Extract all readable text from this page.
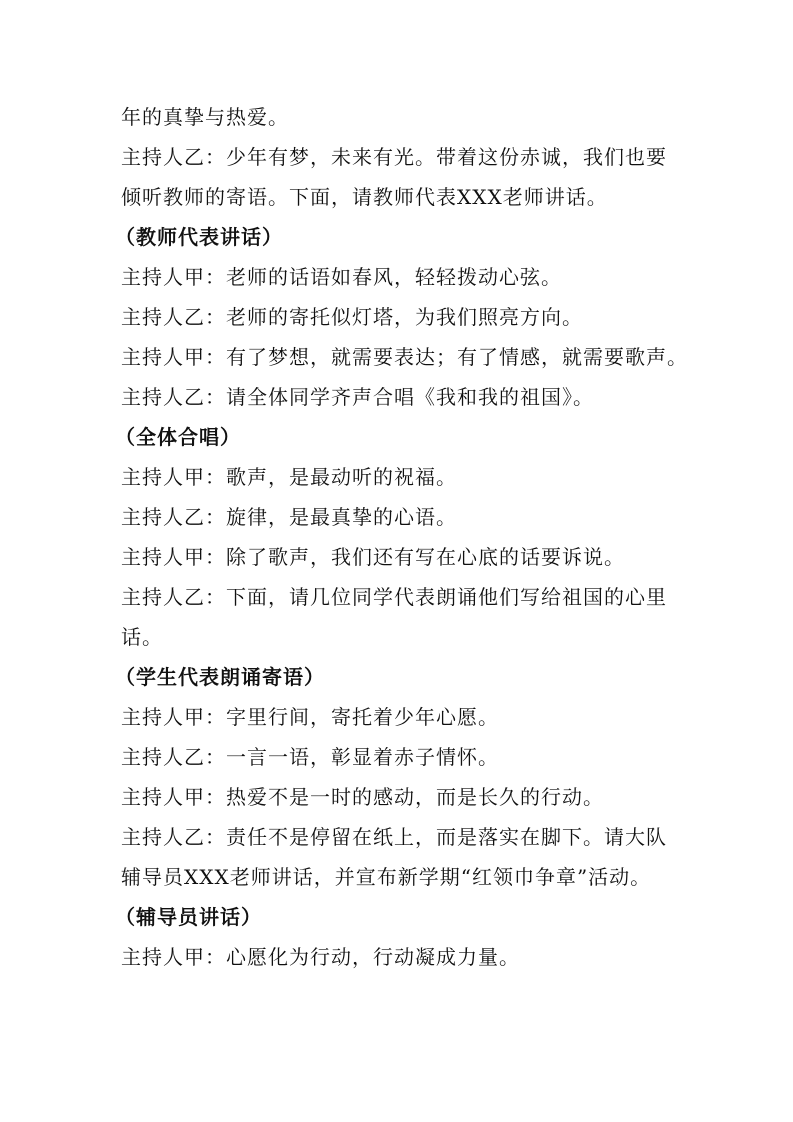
年的真挚与热爱。
主持人乙：少年有梦，未来有光。带着这份赤诚，我们也要
倾听教师的寄语。下面，请教师代表XXX老师讲话。
（教师代表讲话）
主持人甲：老师的话语如春风，轻轻拨动心弦。
主持人乙：老师的寄托似灯塔，为我们照亮方向。
主持人甲：有了梦想，就需要表达；有了情感，就需要歌声。
主持人乙：请全体同学齐声合唱《我和我的祖国》。
（全体合唱）
主持人甲：歌声，是最动听的祝福。
主持人乙：旋律，是最真挚的心语。
主持人甲：除了歌声，我们还有写在心底的话要诉说。
主持人乙：下面，请几位同学代表朗诵他们写给祖国的心里
话。
（学生代表朗诵寄语）
主持人甲：字里行间，寄托着少年心愿。
主持人乙：一言一语，彰显着赤子情怀。
主持人甲：热爱不是一时的感动，而是长久的行动。
主持人乙：责任不是停留在纸上，而是落实在脚下。请大队
辅导员XXX老师讲话，并宣布新学期“红领巾争章”活动。
（辅导员讲话）
主持人甲：心愿化为行动，行动凝成力量。
